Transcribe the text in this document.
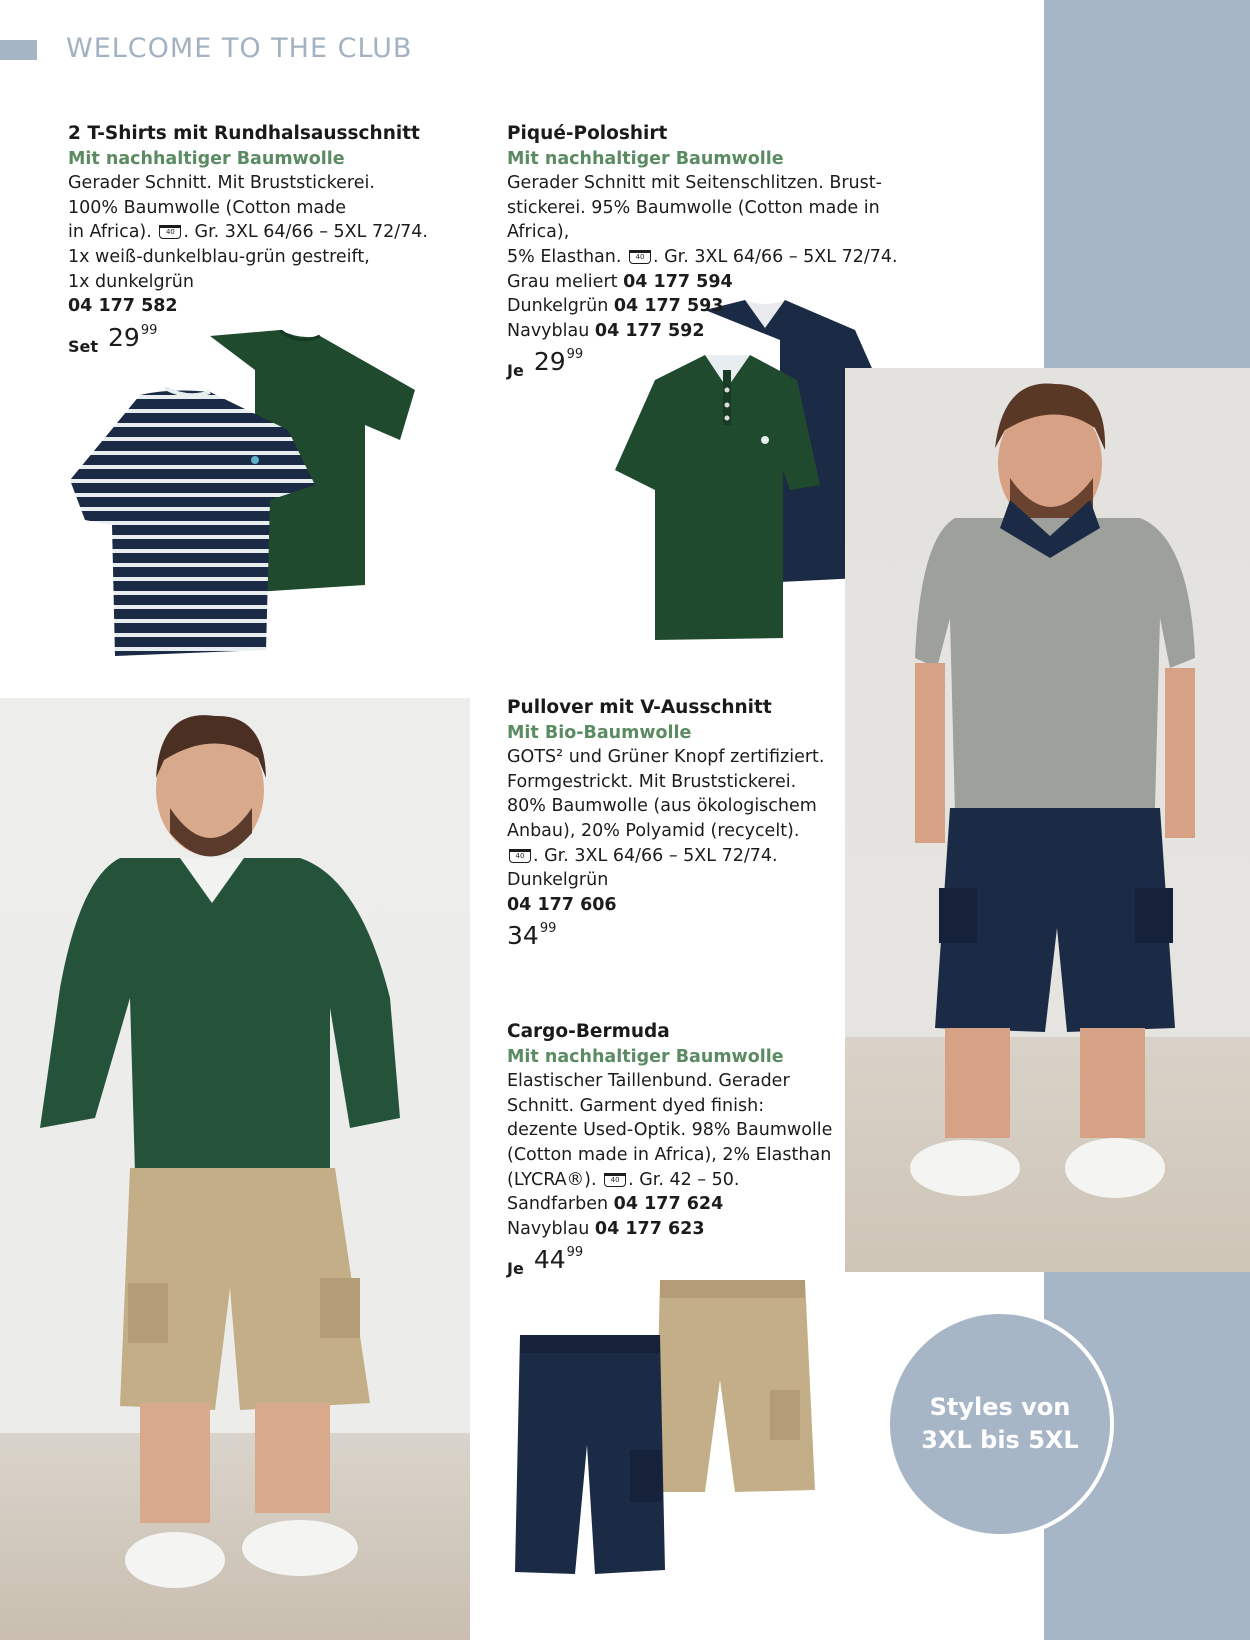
WELCOME TO THE CLUB
2 T-Shirts mit Rundhalsausschnitt
Mit nachhaltiger Baumwolle
Gerader Schnitt. Mit Bruststickerei.
100% Baumwolle (Cotton made
in Africa). 40 . Gr. 3XL 64/66 – 5XL 72/74.
1x weiß-dunkelblau-grün gestreift,
1x dunkelgrün
04 177 582
Set 29 99
Piqué-Poloshirt
Mit nachhaltiger Baumwolle
Gerader Schnitt mit Seitenschlitzen. Brust-
stickerei. 95% Baumwolle (Cotton made in Africa),
5% Elasthan. 40 . Gr. 3XL 64/66 – 5XL 72/74.
Grau meliert 04 177 594
Dunkelgrün 04 177 593
Navyblau 04 177 592
Je 29 99
Pullover mit V-Ausschnitt
Mit Bio-Baumwolle
GOTS² und Grüner Knopf zertifiziert.
Formgestrickt. Mit Bruststickerei.
80% Baumwolle (aus ökologischem
Anbau), 20% Polyamid (recycelt).
40 . Gr. 3XL 64/66 – 5XL 72/74.
Dunkelgrün
04 177 606
34 99
Cargo-Bermuda
Mit nachhaltiger Baumwolle
Elastischer Taillenbund. Gerader
Schnitt. Garment dyed finish:
dezente Used-Optik. 98% Baumwolle
(Cotton made in Africa), 2% Elasthan
(LYCRA®). 40 . Gr. 42 – 50.
Sandfarben 04 177 624
Navyblau 04 177 623
Je 44 99
Styles von
3XL bis 5XL
